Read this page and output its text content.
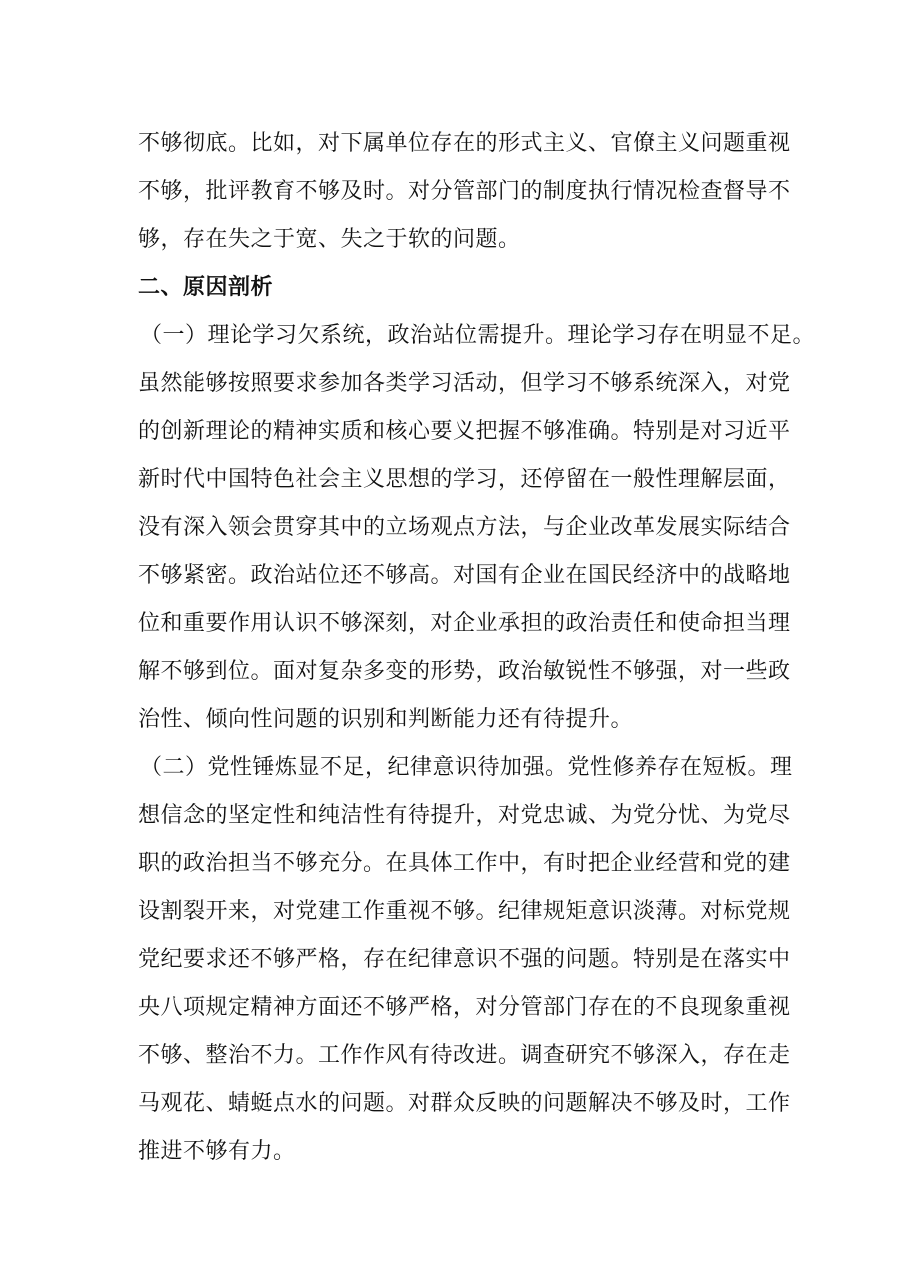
不够彻底。比如，对下属单位存在的形式主义、官僚主义问题重视
不够，批评教育不够及时。对分管部门的制度执行情况检查督导不
够，存在失之于宽、失之于软的问题。
二、原因剖析
（一）理论学习欠系统，政治站位需提升。理论学习存在明显不足。
虽然能够按照要求参加各类学习活动，但学习不够系统深入，对党
的创新理论的精神实质和核心要义把握不够准确。特别是对习近平
新时代中国特色社会主义思想的学习，还停留在一般性理解层面，
没有深入领会贯穿其中的立场观点方法，与企业改革发展实际结合
不够紧密。政治站位还不够高。对国有企业在国民经济中的战略地
位和重要作用认识不够深刻，对企业承担的政治责任和使命担当理
解不够到位。面对复杂多变的形势，政治敏锐性不够强，对一些政
治性、倾向性问题的识别和判断能力还有待提升。
（二）党性锤炼显不足，纪律意识待加强。党性修养存在短板。理
想信念的坚定性和纯洁性有待提升，对党忠诚、为党分忧、为党尽
职的政治担当不够充分。在具体工作中，有时把企业经营和党的建
设割裂开来，对党建工作重视不够。纪律规矩意识淡薄。对标党规
党纪要求还不够严格，存在纪律意识不强的问题。特别是在落实中
央八项规定精神方面还不够严格，对分管部门存在的不良现象重视
不够、整治不力。工作作风有待改进。调查研究不够深入，存在走
马观花、蜻蜓点水的问题。对群众反映的问题解决不够及时，工作
推进不够有力。
